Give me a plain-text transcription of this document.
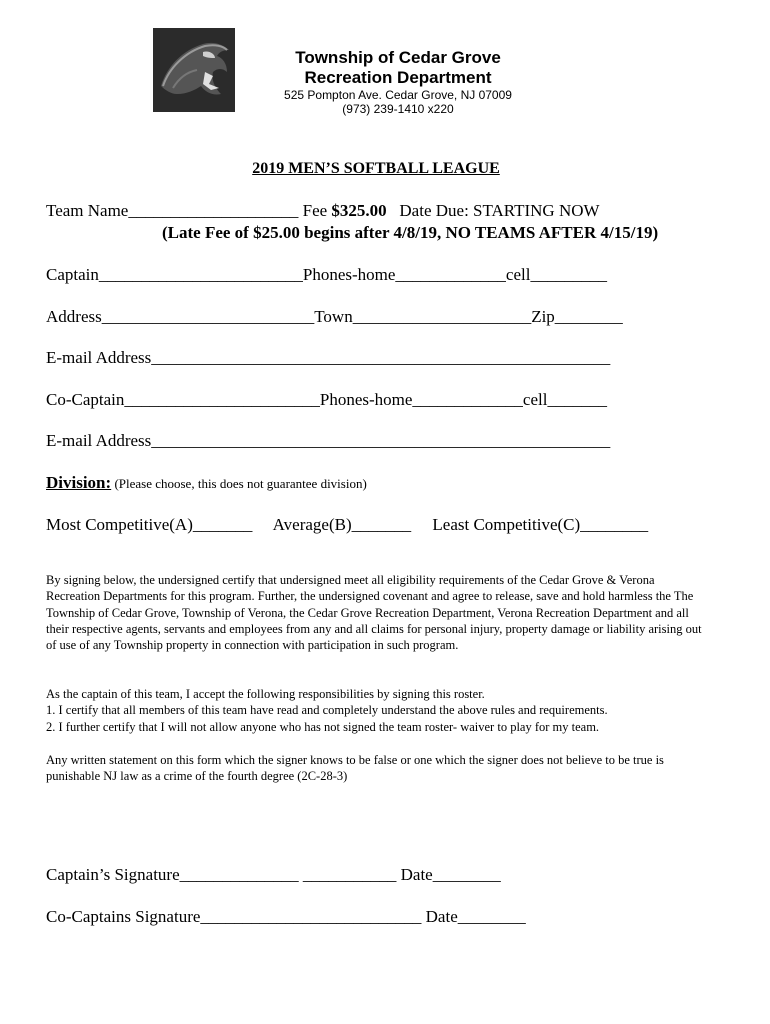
Township of Cedar Grove
Recreation Department
525 Pompton Ave. Cedar Grove, NJ 07009
(973) 239-1410 x220
2019 MEN’S SOFTBALL LEAGUE
Team Name____________________ Fee $325.00   Date Due: STARTING NOW
(Late Fee of $25.00 begins after 4/8/19, NO TEAMS AFTER 4/15/19)
Captain________________________Phones-home_____________cell_________
Address_________________________Town_____________________Zip________
E-mail Address______________________________________________________
Co-Captain_______________________Phones-home_____________cell_______
E-mail Address______________________________________________________
Division: (Please choose, this does not guarantee division)
Most Competitive(A)_______     Average(B)_______     Least Competitive(C)________

By signing below, the undersigned certify that undersigned meet all eligibility requirements of the Cedar Grove & Verona Recreation Departments for this program. Further, the undersigned covenant and agree to release, save and hold harmless the The Township of Cedar Grove, Township of Verona, the Cedar Grove Recreation Department, Verona Recreation Department and all their respective agents, servants and employees from any and all claims for personal injury, property damage or liability arising out of use of any Township property in connection with participation in such program.

As the captain of this team, I accept the following responsibilities by signing this roster.

1. I certify that all members of this team have read and completely understand the above rules and requirements.

2. I further certify that I will not allow anyone who has not signed the team roster- waiver to play for my team.

Any written statement on this form which the signer knows to be false or one which the signer does not believe to be true is punishable NJ law as a crime of the fourth degree (2C-28-3)

Captain’s Signature______________ ___________ Date________
Co-Captains Signature__________________________ Date________
